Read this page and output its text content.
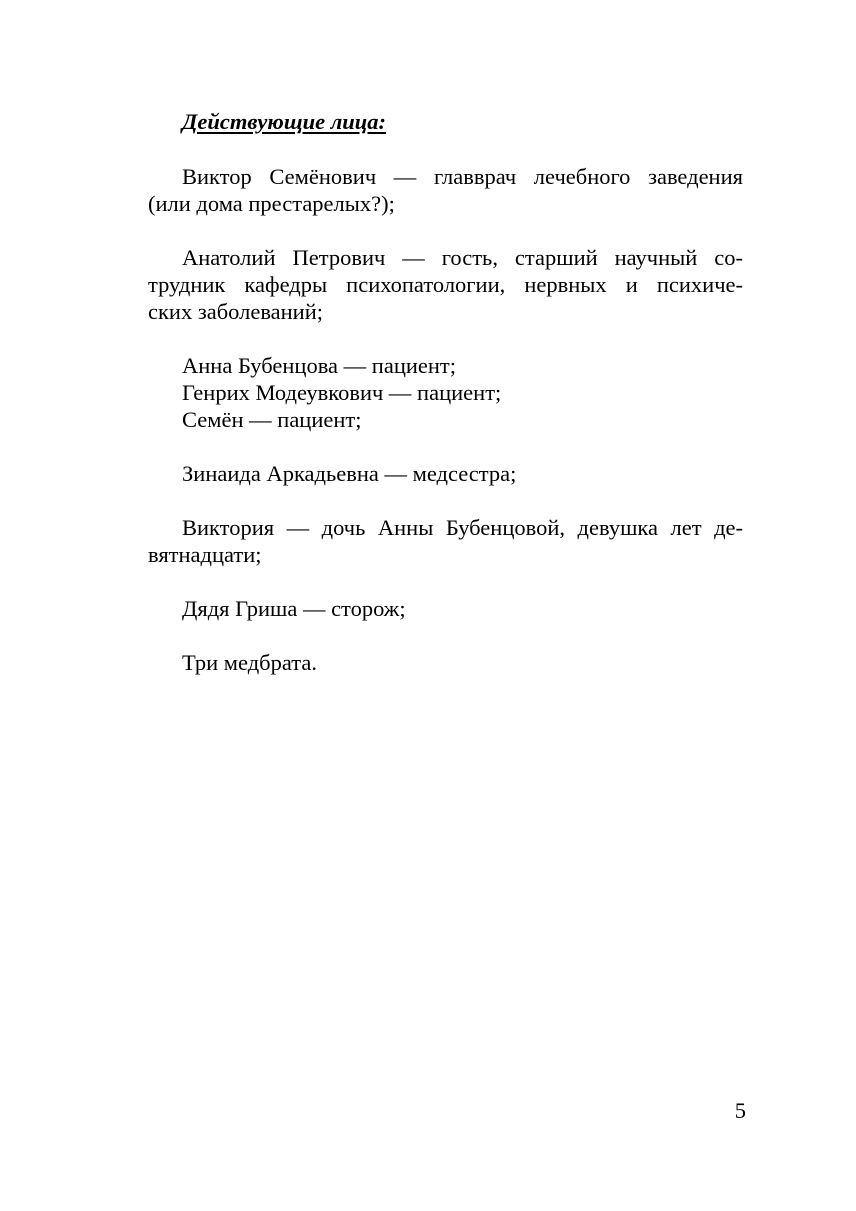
Действующие лица:
Виктор Семёнович — главврач лечебного заведения
(или дома престарелых?);
Анатолий Петрович — гость, старший научный со-
трудник кафедры психопатологии, нервных и психиче-
ских заболеваний;
Анна Бубенцова — пациент;
Генрих Модеувкович — пациент;
Семён — пациент;
Зинаида Аркадьевна — медсестра;
Виктория — дочь Анны Бубенцовой, девушка лет де-
вятнадцати;
Дядя Гриша — сторож;
Три медбрата.
5
